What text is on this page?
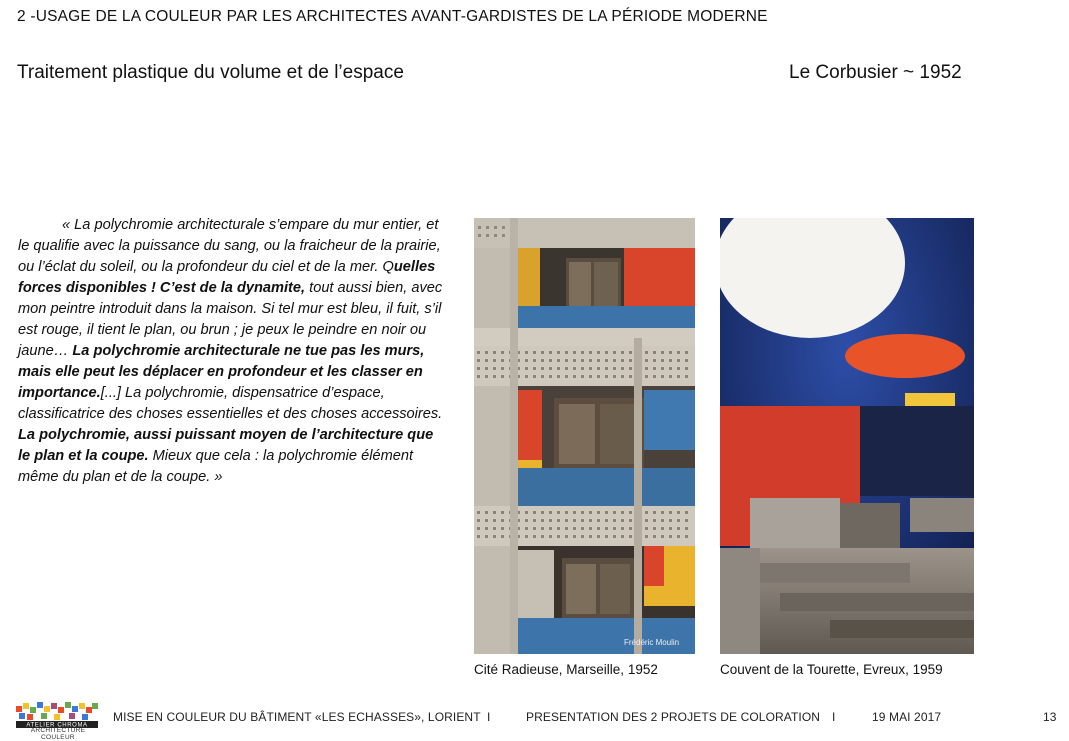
2 -USAGE DE LA COULEUR PAR LES ARCHITECTES AVANT-GARDISTES DE LA PÉRIODE MODERNE
Traitement plastique du volume et de l’espace	Le Corbusier ~ 1952
« La polychromie architecturale s’empare du mur entier, et le qualifie avec la puissance du sang, ou la fraicheur de la prairie, ou l’éclat du soleil, ou la profondeur du ciel et de la mer. Quelles forces disponibles ! C’est de la dynamite, tout aussi bien, avec mon peintre introduit dans la maison. Si tel mur est bleu, il fuit, s’il est rouge, il tient le plan, ou brun ; je peux le peindre en noir ou jaune… La polychromie architecturale ne tue pas les murs, mais elle peut les déplacer en profondeur et les classer en importance.[...] La polychromie, dispensatrice d’espace, classificatrice des choses essentielles et des choses accessoires. La polychromie, aussi puissant moyen de l’architecture que le plan et la coupe. Mieux que cela : la polychromie élément même du plan et de la coupe. »
Frédéric Moulin
Cité Radieuse, Marseille, 1952	Couvent de la Tourette, Evreux, 1959
ATELIER CHROMA
ARCHITECTURE COULEUR
MISE EN COULEUR DU BÂTIMENT «LES ECHASSES», LORIENT I	PRESENTATION DES 2 PROJETS DE COLORATION I	19 MAI 2017	13
